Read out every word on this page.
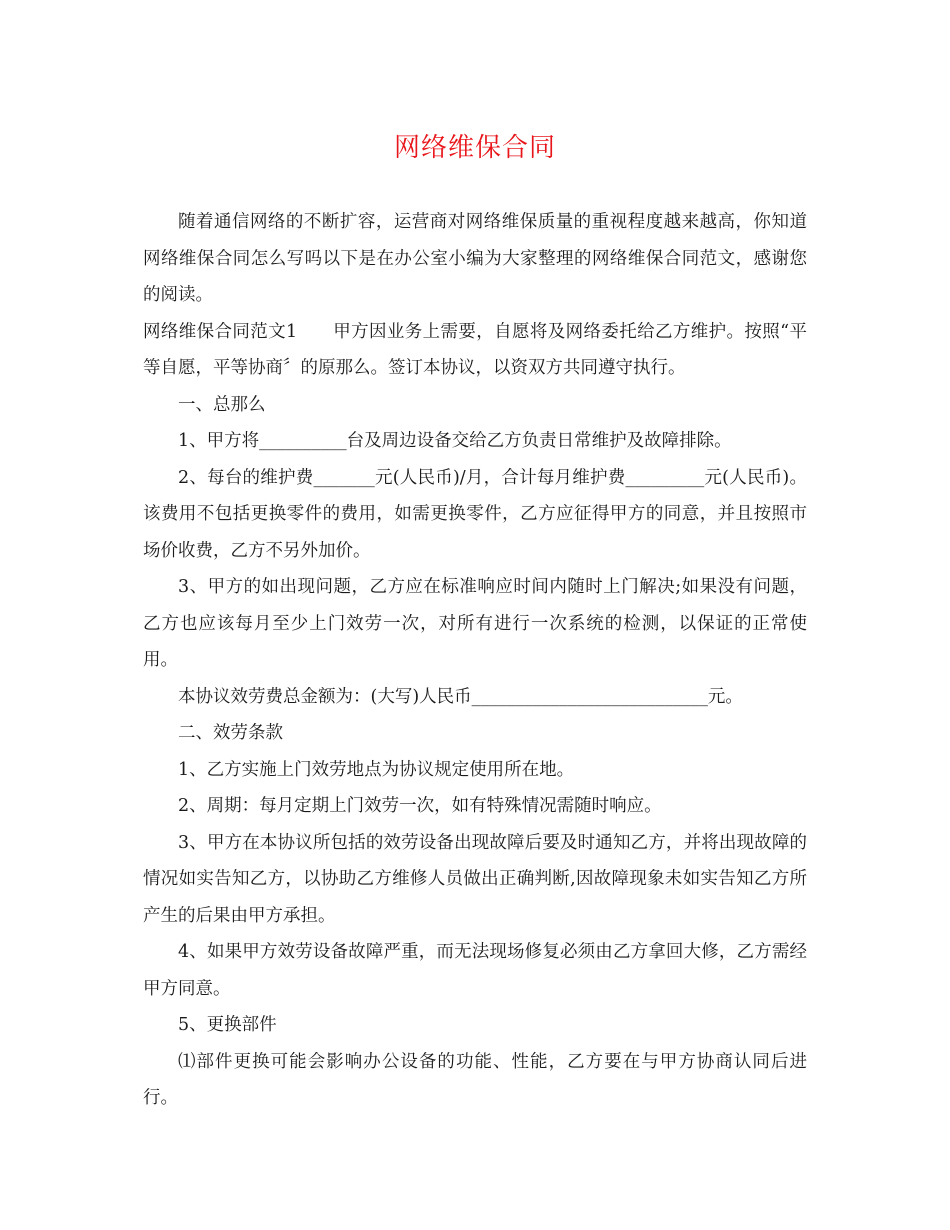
网络维保合同

随着通信网络的不断扩容，运营商对网络维保质量的重视程度越来越高，你知道网络维保合同怎么写吗以下是在办公室小编为大家整理的网络维保合同范文，感谢您的阅读。

网络维保合同范文1　　甲方因业务上需要，自愿将及网络委托给乙方维护。按照“平等自愿，平等协商〞的原那么。签订本协议，以资双方共同遵守执行。

一、总那么

1、甲方将__________台及周边设备交给乙方负责日常维护及故障排除。

2、每台的维护费_______元(人民币)/月，合计每月维护费_________元(人民币)。该费用不包括更换零件的费用，如需更换零件，乙方应征得甲方的同意，并且按照市场价收费，乙方不另外加价。

3、甲方的如出现问题，乙方应在标准响应时间内随时上门解决;如果没有问题，乙方也应该每月至少上门效劳一次，对所有进行一次系统的检测，以保证的正常使用。

本协议效劳费总金额为：(大写)人民币___________________________元。

二、效劳条款

1、乙方实施上门效劳地点为协议规定使用所在地。

2、周期：每月定期上门效劳一次，如有特殊情况需随时响应。

3、甲方在本协议所包括的效劳设备出现故障后要及时通知乙方，并将出现故障的情况如实告知乙方，以协助乙方维修人员做出正确判断,因故障现象未如实告知乙方所产生的后果由甲方承担。

4、如果甲方效劳设备故障严重，而无法现场修复必须由乙方拿回大修，乙方需经甲方同意。

5、更换部件

⑴部件更换可能会影响办公设备的功能、性能，乙方要在与甲方协商认同后进行。
